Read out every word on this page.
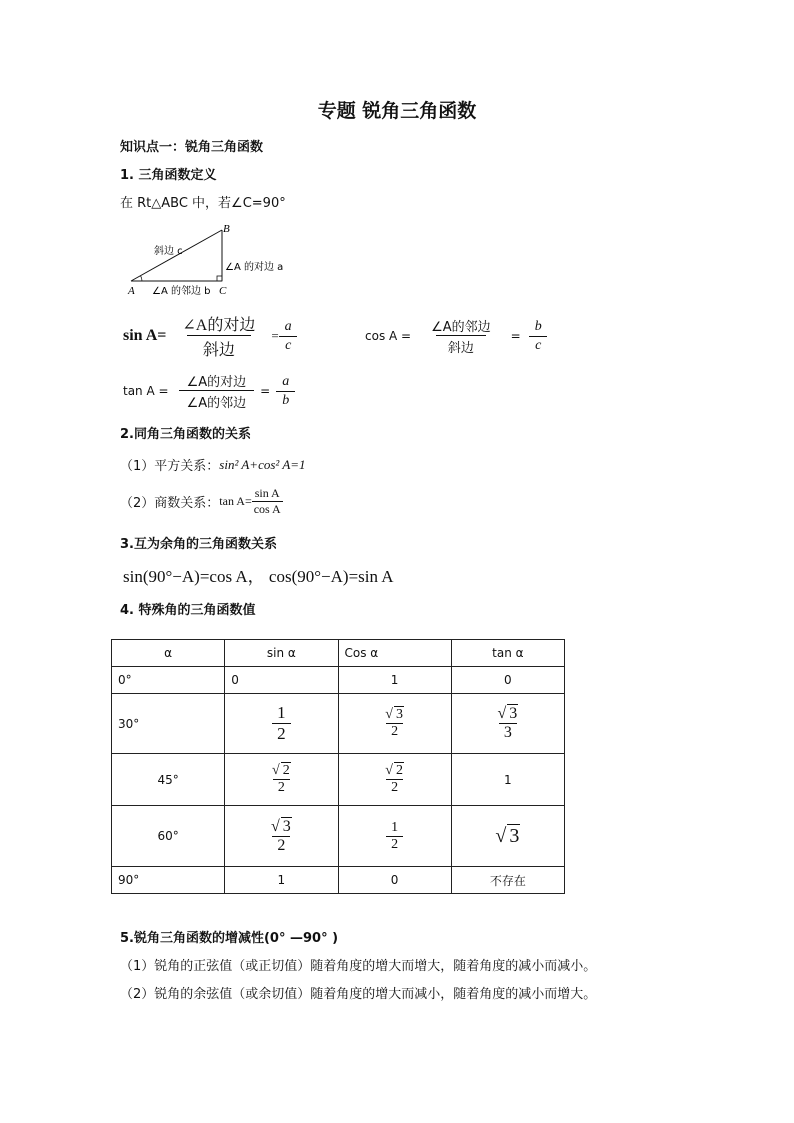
专题 锐角三角函数
知识点一：锐角三角函数
1. 三角函数定义
在 Rt△ABC 中，若∠C=90°
B
A	C
斜边 c
∠A 的对边 a
∠A 的邻边 b
$\sin A= \frac{\text{∠A的对边}}{\text{斜边}} = \frac{a}{c}$	$\cos A = \frac{\text{∠A的邻边}}{\text{斜边}} = \frac{b}{c}$
$\tan A = \frac{\text{∠A的对边}}{\text{∠A的邻边}} = \frac{a}{b}$
2.同角三角函数的关系
（1）平方关系： sin² A+cos² A=1
（2）商数关系： $\tan A= \frac{\text{sin A}}{\text{cos A}}$
3.互为余角的三角函数关系
sin(90°−A)=cos A， cos(90°−A)=sin A
4. 特殊角的三角函数值
α	sin α	Cos α	tan α
0°	0	1	0
30°	$\frac{1}{2}$	$\frac{√ 3}{2}$	$\frac{√ 3}{3}$

45°	$\frac{√ 2}{2}$	$\frac{√ 2}{2}$	1
60°	$\frac{√ 3}{2}$	$\frac{1}{2}$	√ 3

90°	1	0	不存在
5.锐角三角函数的增减性(0° —90° )
（1）锐角的正弦值（或正切值）随着角度的增大而增大，随着角度的减小而减小。
（2）锐角的余弦值（或余切值）随着角度的增大而减小，随着角度的减小而增大。
